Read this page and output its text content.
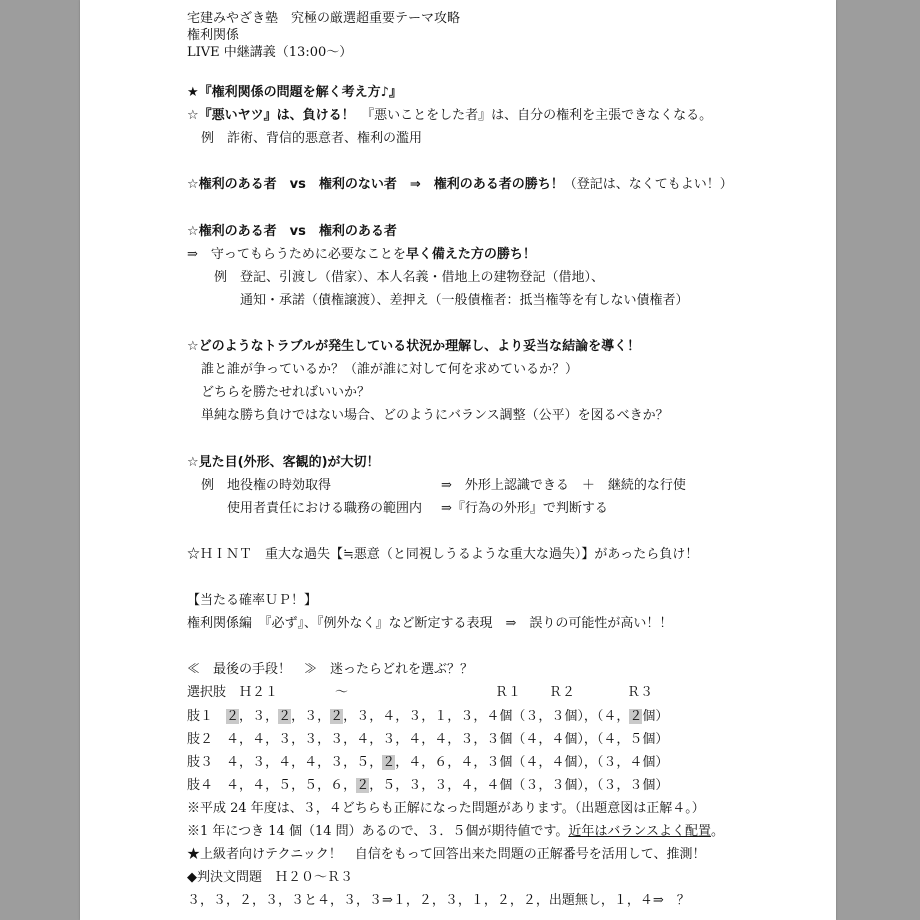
宅建みやざき塾　究極の厳選超重要テーマ攻略
権利関係
LIVE 中継講義（13:00～）
★『権利関係の問題を解く考え方♪』
☆『悪いヤツ』は、負ける！　『悪いことをした者』は、自分の権利を主張できなくなる。
例　詐術、背信的悪意者、権利の濫用
☆権利のある者　vs　権利のない者　⇒　権利のある者の勝ち！（登記は、なくてもよい！）
☆権利のある者　vs　権利のある者
⇒　守ってもらうために必要なことを早く備えた方の勝ち！
例　登記、引渡し（借家）、本人名義・借地上の建物登記（借地）、
通知・承諾（債権譲渡）、差押え（一般債権者：抵当権等を有しない債権者）
☆どのようなトラブルが発生している状況か理解し、より妥当な結論を導く！
誰と誰が争っているか？（誰が誰に対して何を求めているか？）
どちらを勝たせればいいか？
単純な勝ち負けではない場合、どのようにバランス調整（公平）を図るべきか？
☆見た目(外形、客観的)が大切！
例　地役権の時効取得	⇒　外形上認識できる　＋　継続的な行使
使用者責任における職務の範囲内 ⇒『行為の外形』で判断する
☆ＨＩＮＴ　重大な過失【≒悪意（と同視しうるような重大な過失）】があったら負け！
【当たる確率ＵＰ！】
権利関係編　『必ず』、『例外なく』など断定する表現　⇒　誤りの可能性が高い！！
≪　最後の手段！　≫　迷ったらどれを選ぶ？？
選択肢　Ｈ２１	～	Ｒ１ Ｒ２	Ｒ３
肢１　 ２，３，２，３，２，３，４，３，１，３，４個（３，３個），（４，２個）
肢２　 ４，４，３，３，３，４，３，４，４，３，３個（４，４個），（４，５個）
肢３　 ４，３，４，４，３，５，２，４，６，４，３個（４，４個），（３，４個）
肢４　 ４，４，５，５，６，２，５，３，３，４，４個（３，３個），（３，３個）
※平成 24 年度は、３，４どちらも正解になった問題があります。（出題意図は正解４。）
※1 年につき 14 個（14 問）あるので、３．５個が期待値です。近年はバランスよく配置。
★上級者向けテクニック！　自信をもって回答出来た問題の正解番号を活用して、推測！
◆判決文問題　Ｈ２０～Ｒ３
３，３，２，３，３と４，３，３⇒１，２，３，１，２，２，出題無し，１，４⇒　？
